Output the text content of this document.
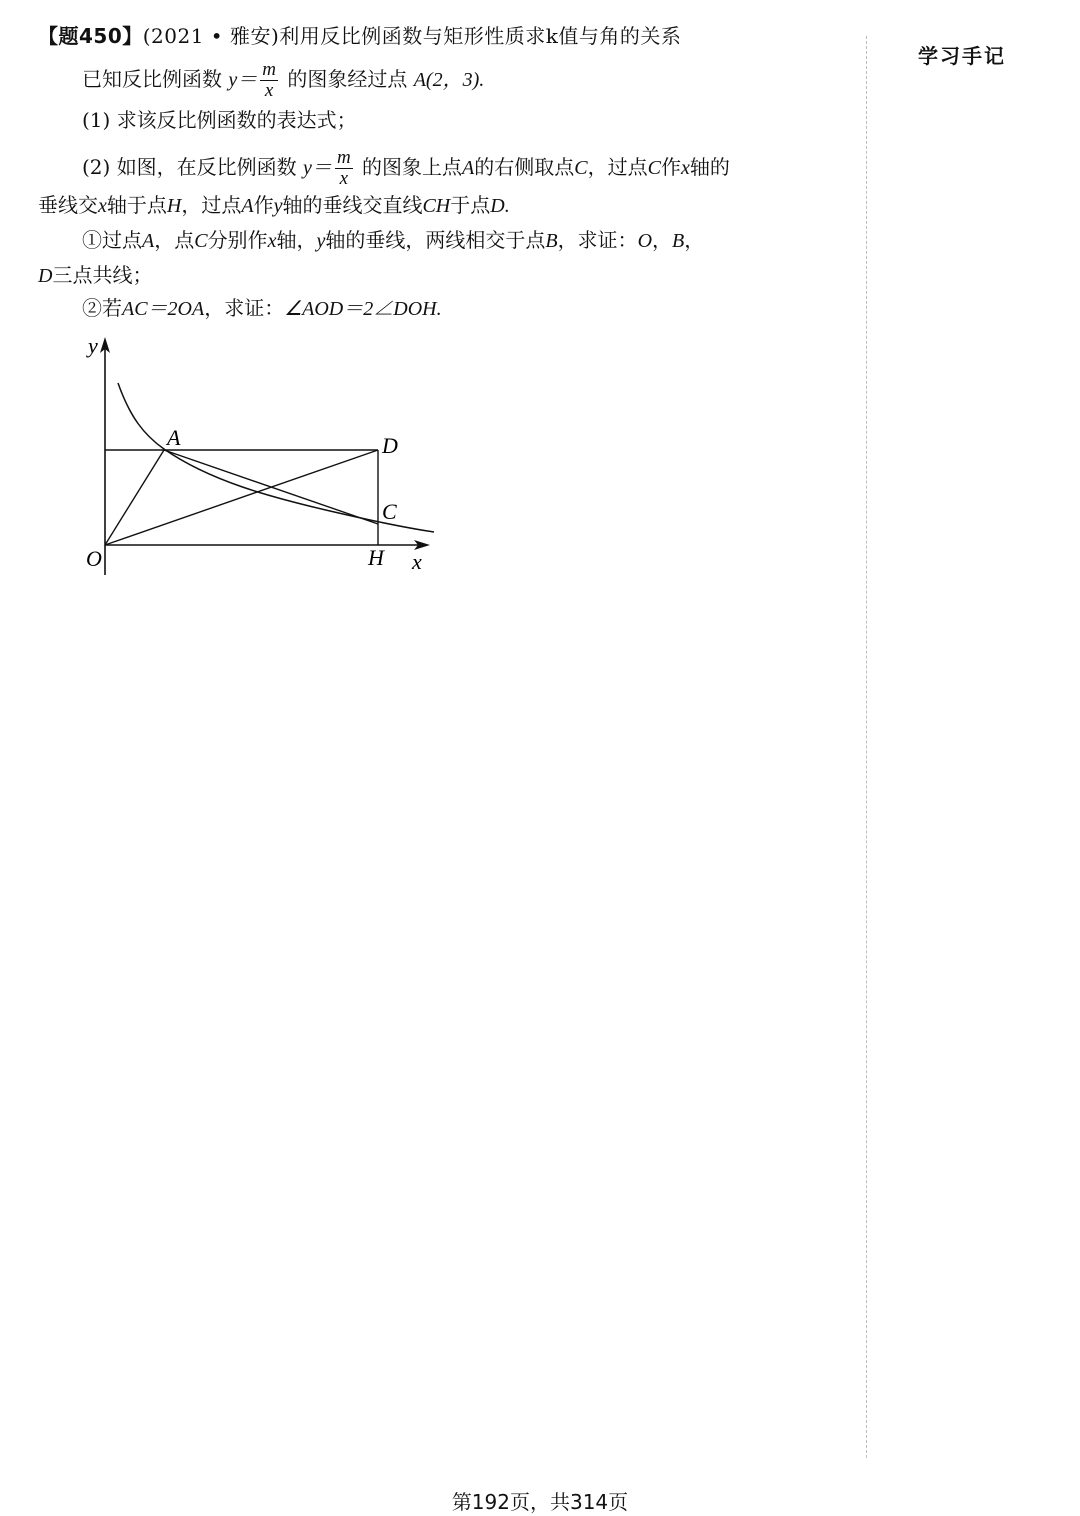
【题450】(2021 • 雅安)利用反比例函数与矩形性质求k值与角的关系
学习手记
已知反比例函数 $y= \frac{m}{x}$ 的图象经过点 A(2，3).
(1) 求该反比例函数的表达式；
(2) 如图，在反比例函数 $y= \frac{m}{x}$ 的图象上点A的右侧取点C，过点C作x轴的
垂线交x轴于点H，过点A作y轴的垂线交直线CH于点D.
①过点A，点C分别作x轴，y轴的垂线，两线相交于点B，求证：O，B，
D三点共线；
②若AC＝2OA，求证：∠AOD＝2∠DOH.
y
x
O
A	D
C
H
第192页，共314页
